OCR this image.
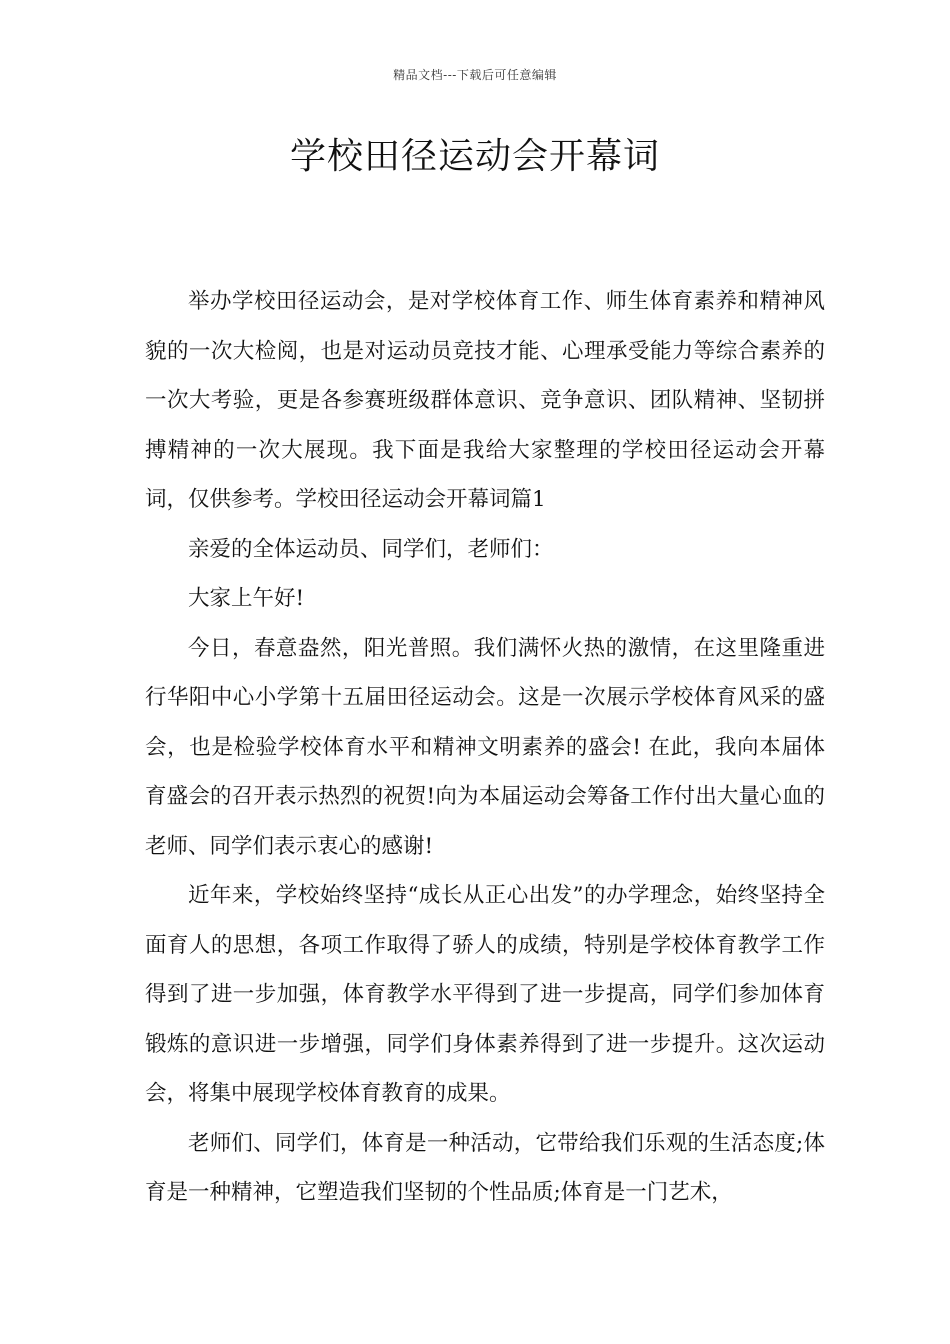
精品文档---下载后可任意编辑
学校田径运动会开幕词

举办学校田径运动会，是对学校体育工作、师生体育素养和精神风貌的一次大检阅，也是对运动员竞技才能、心理承受能力等综合素养的一次大考验，更是各参赛班级群体意识、竞争意识、团队精神、坚韧拼搏精神的一次大展现。我下面是我给大家整理的学校田径运动会开幕词，仅供参考。学校田径运动会开幕词篇1

亲爱的全体运动员、同学们，老师们：

大家上午好!

今日，春意盎然，阳光普照。我们满怀火热的激情，在这里隆重进行华阳中心小学第十五届田径运动会。这是一次展示学校体育风采的盛会，也是检验学校体育水平和精神文明素养的盛会! 在此，我向本届体育盛会的召开表示热烈的祝贺!向为本届运动会筹备工作付出大量心血的老师、同学们表示衷心的感谢!

近年来，学校始终坚持“成长从正心出发”的办学理念，始终坚持全面育人的思想，各项工作取得了骄人的成绩，特别是学校体育教学工作得到了进一步加强，体育教学水平得到了进一步提高，同学们参加体育锻炼的意识进一步增强，同学们身体素养得到了进一步提升。这次运动会，将集中展现学校体育教育的成果。

老师们、同学们，体育是一种活动，它带给我们乐观的生活态度;体育是一种精神，它塑造我们坚韧的个性品质;体育是一门艺术，
